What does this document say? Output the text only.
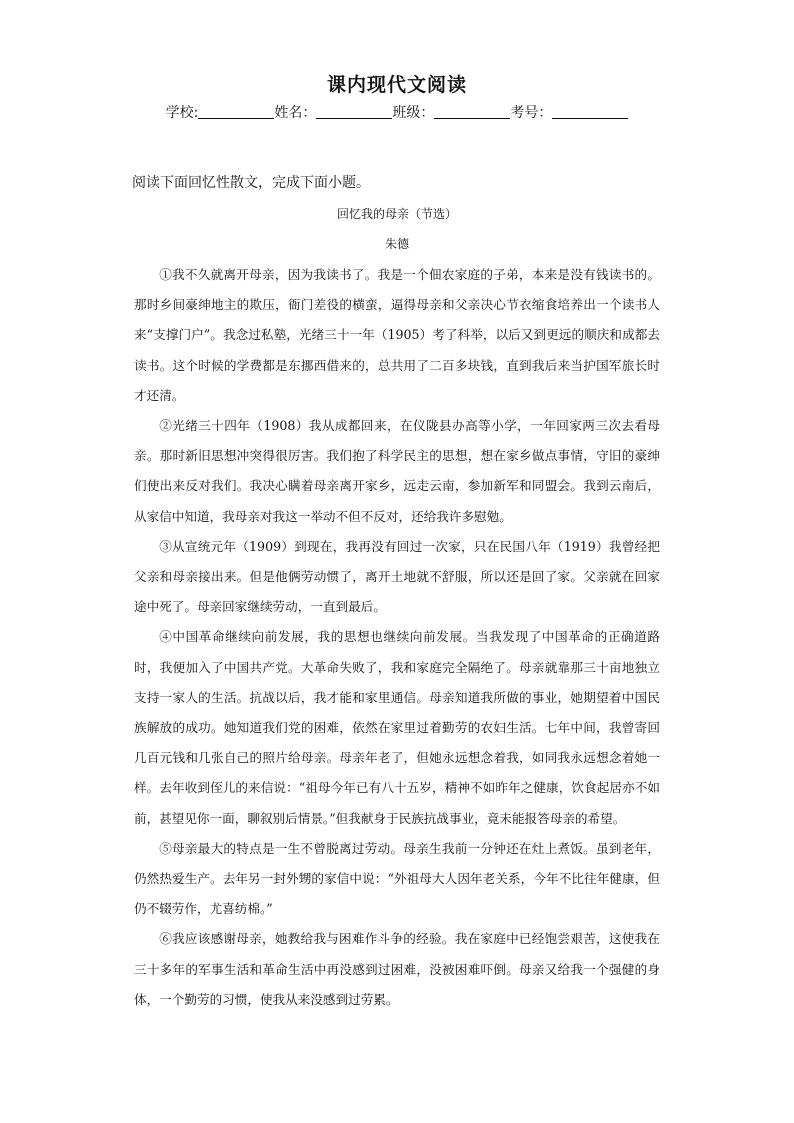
课内现代文阅读
学校:	姓名：	班级：	考号：
阅读下面回忆性散文，完成下面小题。
回忆我的母亲（节选）
朱德

①我不久就离开母亲，因为我读书了。我是一个佃农家庭的子弟，本来是没有钱读书的。那时乡间豪绅地主的欺压，衙门差役的横蛮，逼得母亲和父亲决心节衣缩食培养出一个读书人来“支撑门户”。我念过私塾，光绪三十一年（1905）考了科举，以后又到更远的顺庆和成都去读书。这个时候的学费都是东挪西借来的，总共用了二百多块钱，直到我后来当护国军旅长时才还清。

②光绪三十四年（1908）我从成都回来，在仪陇县办高等小学，一年回家两三次去看母亲。那时新旧思想冲突得很厉害。我们抱了科学民主的思想，想在家乡做点事情，守旧的豪绅们使出来反对我们。我决心瞒着母亲离开家乡，远走云南，参加新军和同盟会。我到云南后，从家信中知道，我母亲对我这一举动不但不反对，还给我许多慰勉。

③从宣统元年（1909）到现在，我再没有回过一次家，只在民国八年（1919）我曾经把父亲和母亲接出来。但是他俩劳动惯了，离开土地就不舒服，所以还是回了家。父亲就在回家途中死了。母亲回家继续劳动，一直到最后。

④中国革命继续向前发展，我的思想也继续向前发展。当我发现了中国革命的正确道路时，我便加入了中国共产党。大革命失败了，我和家庭完全隔绝了。母亲就靠那三十亩地独立支持一家人的生活。抗战以后，我才能和家里通信。母亲知道我所做的事业，她期望着中国民族解放的成功。她知道我们党的困难，依然在家里过着勤劳的农妇生活。七年中间，我曾寄回几百元钱和几张自己的照片给母亲。母亲年老了，但她永远想念着我，如同我永远想念着她一样。去年收到侄儿的来信说：“祖母今年已有八十五岁，精神不如昨年之健康，饮食起居亦不如前，甚望见你一面，聊叙别后情景。”但我献身于民族抗战事业，竟未能报答母亲的希望。

⑤母亲最大的特点是一生不曾脱离过劳动。母亲生我前一分钟还在灶上煮饭。虽到老年，仍然热爱生产。去年另一封外甥的家信中说：“外祖母大人因年老关系，今年不比往年健康，但仍不辍劳作，尤喜纺棉。”

⑥我应该感谢母亲，她教给我与困难作斗争的经验。我在家庭中已经饱尝艰苦，这使我在三十多年的军事生活和革命生活中再没感到过困难，没被困难吓倒。母亲又给我一个强健的身体，一个勤劳的习惯，使我从来没感到过劳累。
